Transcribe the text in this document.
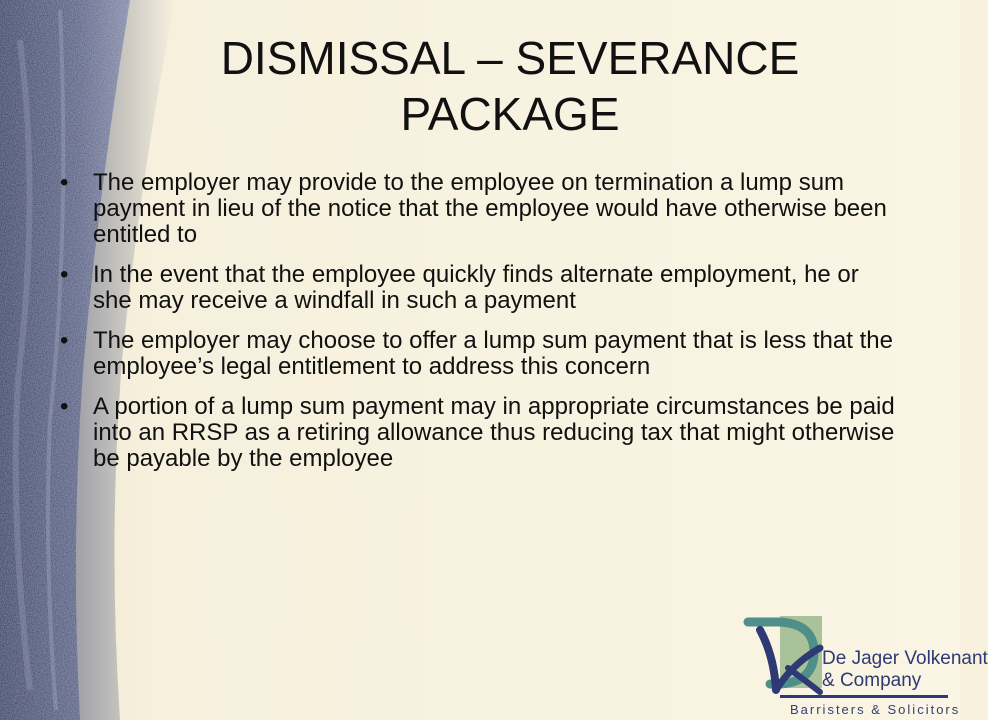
DISMISSAL – SEVERANCE
PACKAGE
• The employer may provide to the employee on termination a lump sum payment in lieu of the notice that the employee would have otherwise been entitled to
• In the event that the employee quickly finds alternate employment, he or she may receive a windfall in such a payment
• The employer may choose to offer a lump sum payment that is less that the employee’s legal entitlement to address this concern
• A portion of a lump sum payment may in appropriate circumstances be paid into an RRSP as a retiring allowance thus reducing tax that might otherwise be payable by the employee
De Jager Volkenant
& Company
Barristers & Solicitors
